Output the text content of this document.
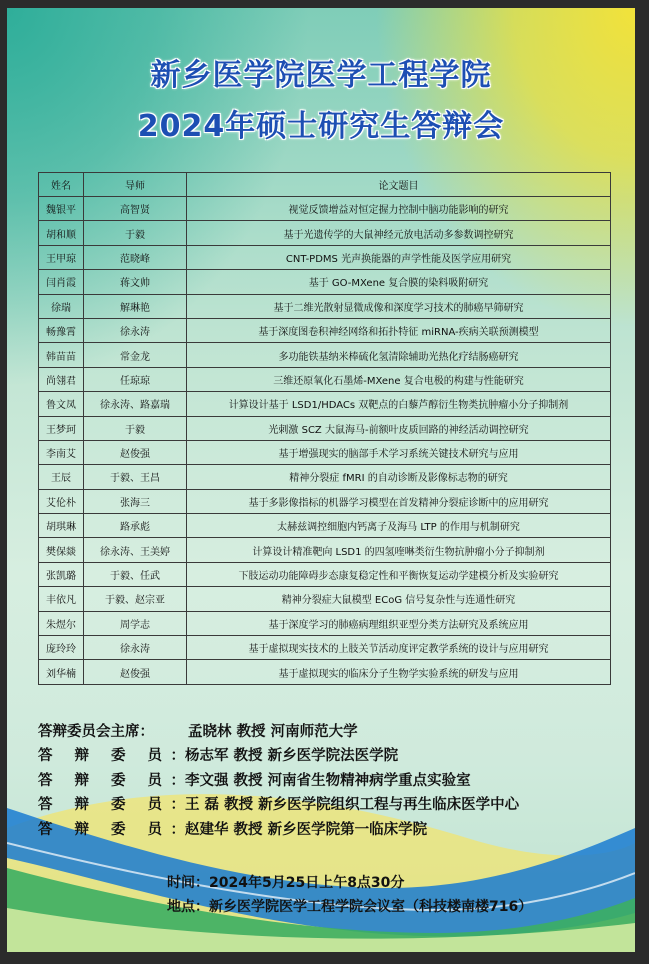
新乡医学院医学工程学院
2024年硕士研究生答辩会
姓名	导师	论文题目
魏银平	高智贤	视觉反馈增益对恒定握力控制中脑功能影响的研究
胡和顺	于毅	基于光遗传学的大鼠神经元放电活动多参数调控研究
王甲琼	范晓峰	CNT-PDMS 光声换能器的声学性能及医学应用研究
闫肖霞	蒋文帅	基于 GO-MXene 复合膜的染料吸附研究
徐瑞	解琳艳	基于二维光散射显微成像和深度学习技术的肺癌早筛研究
畅豫霄	徐永涛	基于深度图卷积神经网络和拓扑特征 miRNA-疾病关联预测模型
韩苗苗	常金龙	多功能铁基纳米棒硫化氢清除辅助光热化疗结肠癌研究
尚翎君	任琼琼	三维还原氧化石墨烯-MXene 复合电极的构建与性能研究
鲁文凤	徐永涛、路嘉瑞	计算设计基于 LSD1/HDACs 双靶点的白藜芦醇衍生物类抗肿瘤小分子抑制剂
王梦珂	于毅	光刺激 SCZ 大鼠海马-前额叶皮质回路的神经活动调控研究
李南艾	赵俊强	基于增强现实的脑部手术学习系统关键技术研究与应用
王辰	于毅、王昌	精神分裂症 fMRI 的自动诊断及影像标志物的研究
艾伦朴	张海三	基于多影像指标的机器学习模型在首发精神分裂症诊断中的应用研究
胡琪琳	路承彪	太赫兹调控细胞内钙离子及海马 LTP 的作用与机制研究
樊保燚	徐永涛、王美婷	计算设计精准靶向 LSD1 的四氢喹啉类衍生物抗肿瘤小分子抑制剂
张凯璐	于毅、任武	下肢运动功能障碍步态康复稳定性和平衡恢复运动学建模分析及实验研究
丰依凡	于毅、赵宗亚	精神分裂症大鼠模型 ECoG 信号复杂性与连通性研究
朱煜尔	周学志	基于深度学习的肺癌病理组织亚型分类方法研究及系统应用
庞玲玲	徐永涛	基于虚拟现实技术的上肢关节活动度评定教学系统的设计与应用研究
刘华楠	赵俊强	基于虚拟现实的临床分子生物学实验系统的研发与应用
答辩委员会主席：	孟晓林 教授 河南师范大学
答 辩 委 员： 杨志军 教授 新乡医学院法医学院
答 辩 委 员： 李文强 教授 河南省生物精神病学重点实验室
答 辩 委 员： 王 磊 教授 新乡医学院组织工程与再生临床医学中心
答 辩 委 员： 赵建华 教授 新乡医学院第一临床学院
时间：2024年5月25日上午8点30分
地点：新乡医学院医学工程学院会议室（科技楼南楼716）
